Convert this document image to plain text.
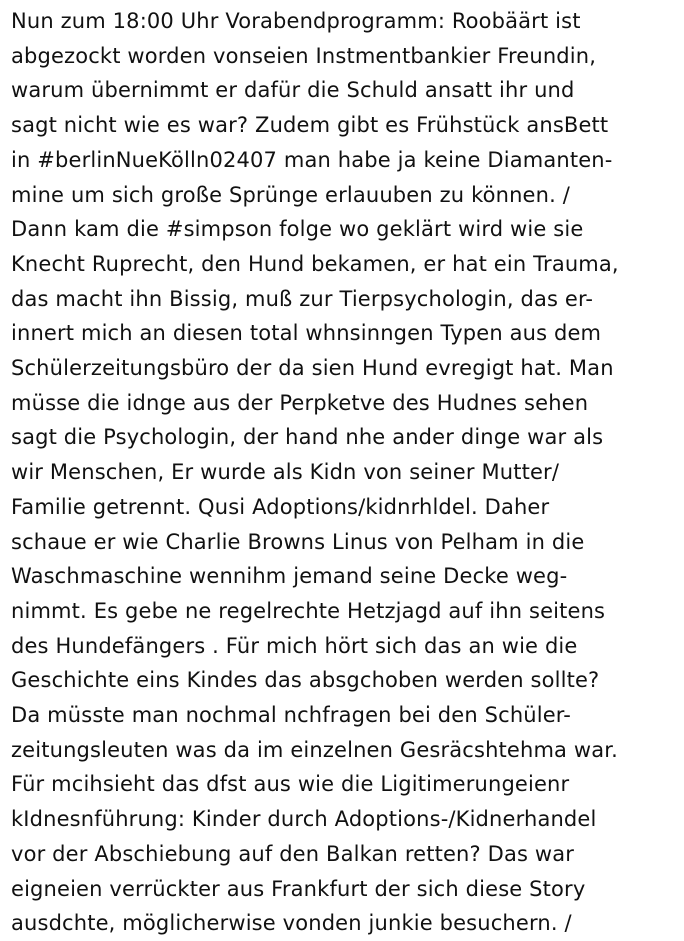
Nun zum 18:00 Uhr Vorabendprogramm: Roobäärt ist
abgezockt worden vonseien Instmentbankier Freundin,
warum übernimmt er dafür die Schuld ansatt ihr und
sagt nicht wie es war? Zudem gibt es Frühstück ansBett
in #berlinNueKölln02407 man habe ja keine Diamanten-
mine um sich große Sprünge erlauuben zu können. /
Dann kam die #simpson folge wo geklärt wird wie sie
Knecht Ruprecht, den Hund bekamen, er hat ein Trauma,
das macht ihn Bissig, muß zur Tierpsychologin, das er-
innert mich an diesen total whnsinngen Typen aus dem
Schülerzeitungsbüro der da sien Hund evregigt hat. Man
müsse die idnge aus der Perpketve des Hudnes sehen
sagt die Psychologin, der hand nhe ander dinge war als
wir Menschen, Er wurde als Kidn von seiner Mutter/
Familie getrennt. Qusi Adoptions/kidnrhldel. Daher
schaue er wie Charlie Browns Linus von Pelham in die
Waschmaschine wennihm jemand seine Decke weg-
nimmt. Es gebe ne regelrechte Hetzjagd auf ihn seitens
des Hundefängers . Für mich hört sich das an wie die
Geschichte eins Kindes das absgchoben werden sollte?
Da müsste man nochmal nchfragen bei den Schüler-
zeitungsleuten was da im einzelnen Gesräcshtehma war.
Für mcihsieht das dfst aus wie die Ligitimerungeienr
kIdnesnführung: Kinder durch Adoptions-/Kidnerhandel
vor der Abschiebung auf den Balkan retten? Das war
eigneien verrückter aus Frankfurt der sich diese Story
ausdchte, möglicherwise vonden junkie besuchern. /
